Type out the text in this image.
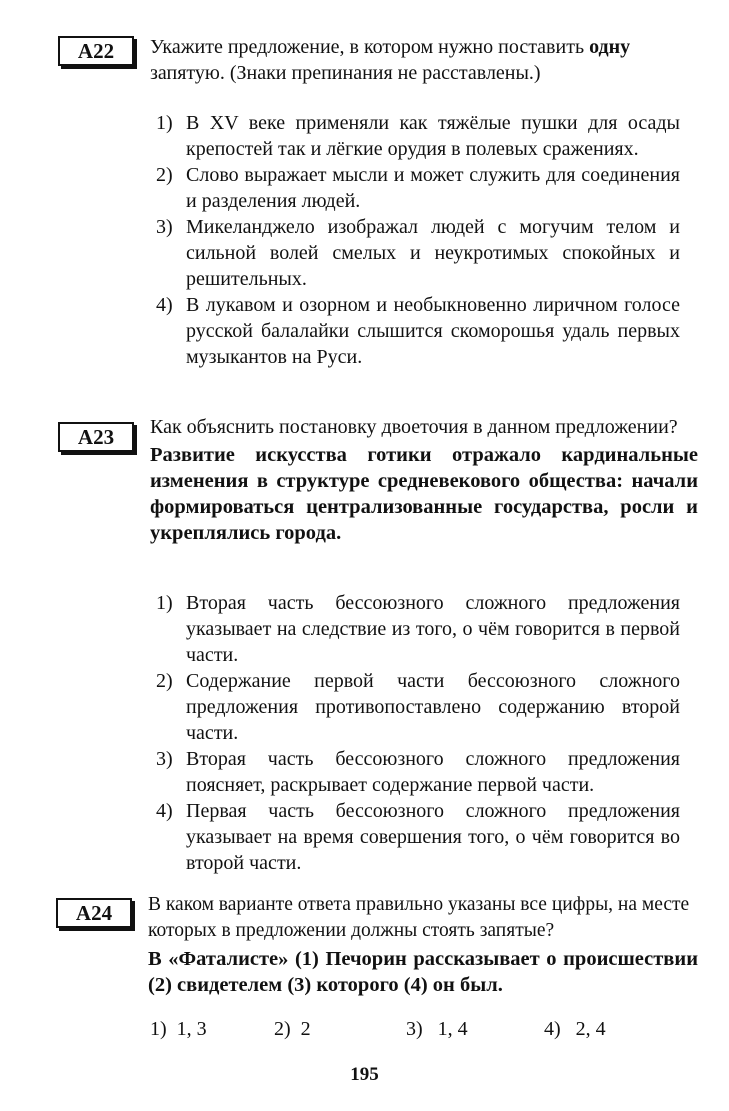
А22	Укажите предложение, в котором нужно поставить одну запятую. (Знаки препинания не расставлены.)

1) В XV веке применяли как тяжёлые пушки для осады крепостей так и лёгкие орудия в полевых сражениях.
2) Слово выражает мысли и может служить для соединения и разделения людей.
3) Микеланджело изображал людей с могучим телом и сильной волей смелых и неукротимых спокойных и решительных.
4) В лукавом и озорном и необыкновенно лиричном голосе русской балалайки слышится скоморошья удаль первых музыкантов на Руси.
А23	Как объяснить постановку двоеточия в данном предложении?

Развитие искусства готики отражало кардинальные изменения в структуре средневекового общества: начали формироваться централизованные государства, росли и укреплялись города.

1) Вторая часть бессоюзного сложного предложения указывает на следствие из того, о чём говорится в первой части.
2) Содержание первой части бессоюзного сложного предложения противопоставлено содержанию второй части.
3) Вторая часть бессоюзного сложного предложения поясняет, раскрывает содержание первой части.
4) Первая часть бессоюзного сложного предложения указывает на время совершения того, о чём говорится во второй части.
А24	В каком варианте ответа правильно указаны все цифры, на месте которых в предложении должны стоять запятые?

В «Фаталисте» (1) Печорин рассказывает о происшествии (2) свидетелем (3) которого (4) он был.

1) 1, 3	2) 2	3) 1, 4	4) 2, 4
195
